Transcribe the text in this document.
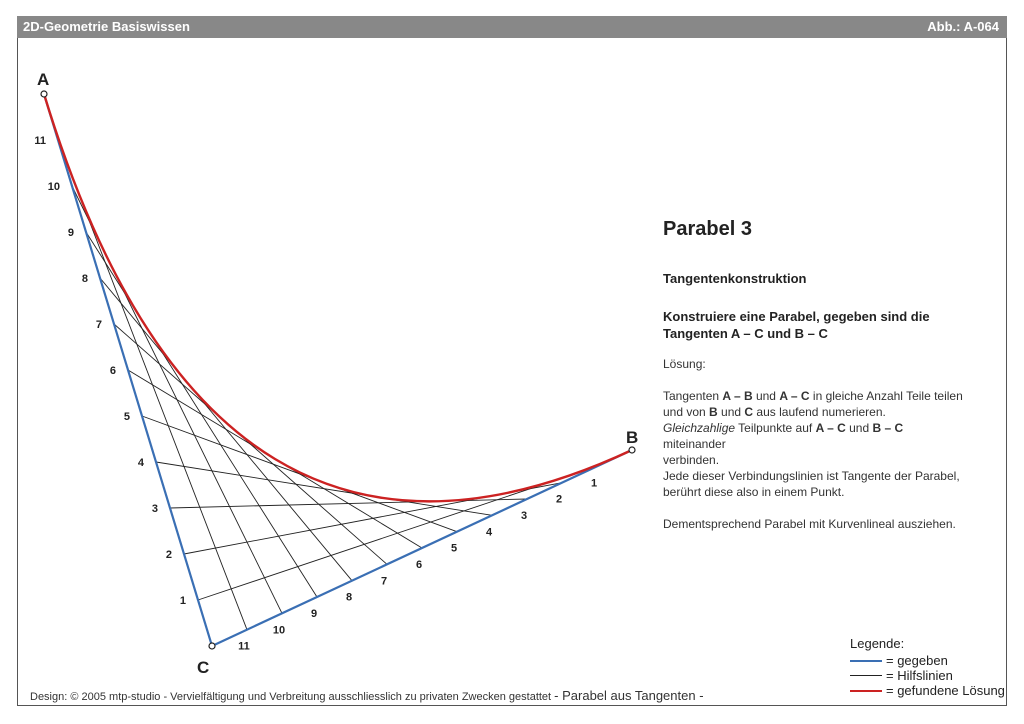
2D-Geometrie Basiswissen	Abb.: A-064
A
B
C
1
2
3
4
5
6
7
8
9
10
11
1
2
3
4
5
6
7
8
9
10
11
Parabel 3
Tangentenkonstruktion
Konstruiere eine Parabel, gegeben sind die
Tangenten A – C und B – C

Lösung:

Tangenten A – B und A – C in gleiche Anzahl Teile teilen
und von B und C aus laufend numerieren.
Gleichzahlige Teilpunkte auf A – C und B – C miteinander
verbinden.
Jede dieser Verbindungslinien ist Tangente der Parabel,
berührt diese also in einem Punkt.

Dementsprechend Parabel mit Kurvenlineal ausziehen.

Design: © 2005 mtp-studio - Vervielfältigung und Verbreitung ausschliesslich zu privaten Zwecken gestattet - Parabel aus Tangenten -
Legende:
= gegeben
= Hilfslinien
= gefundene Lösung
